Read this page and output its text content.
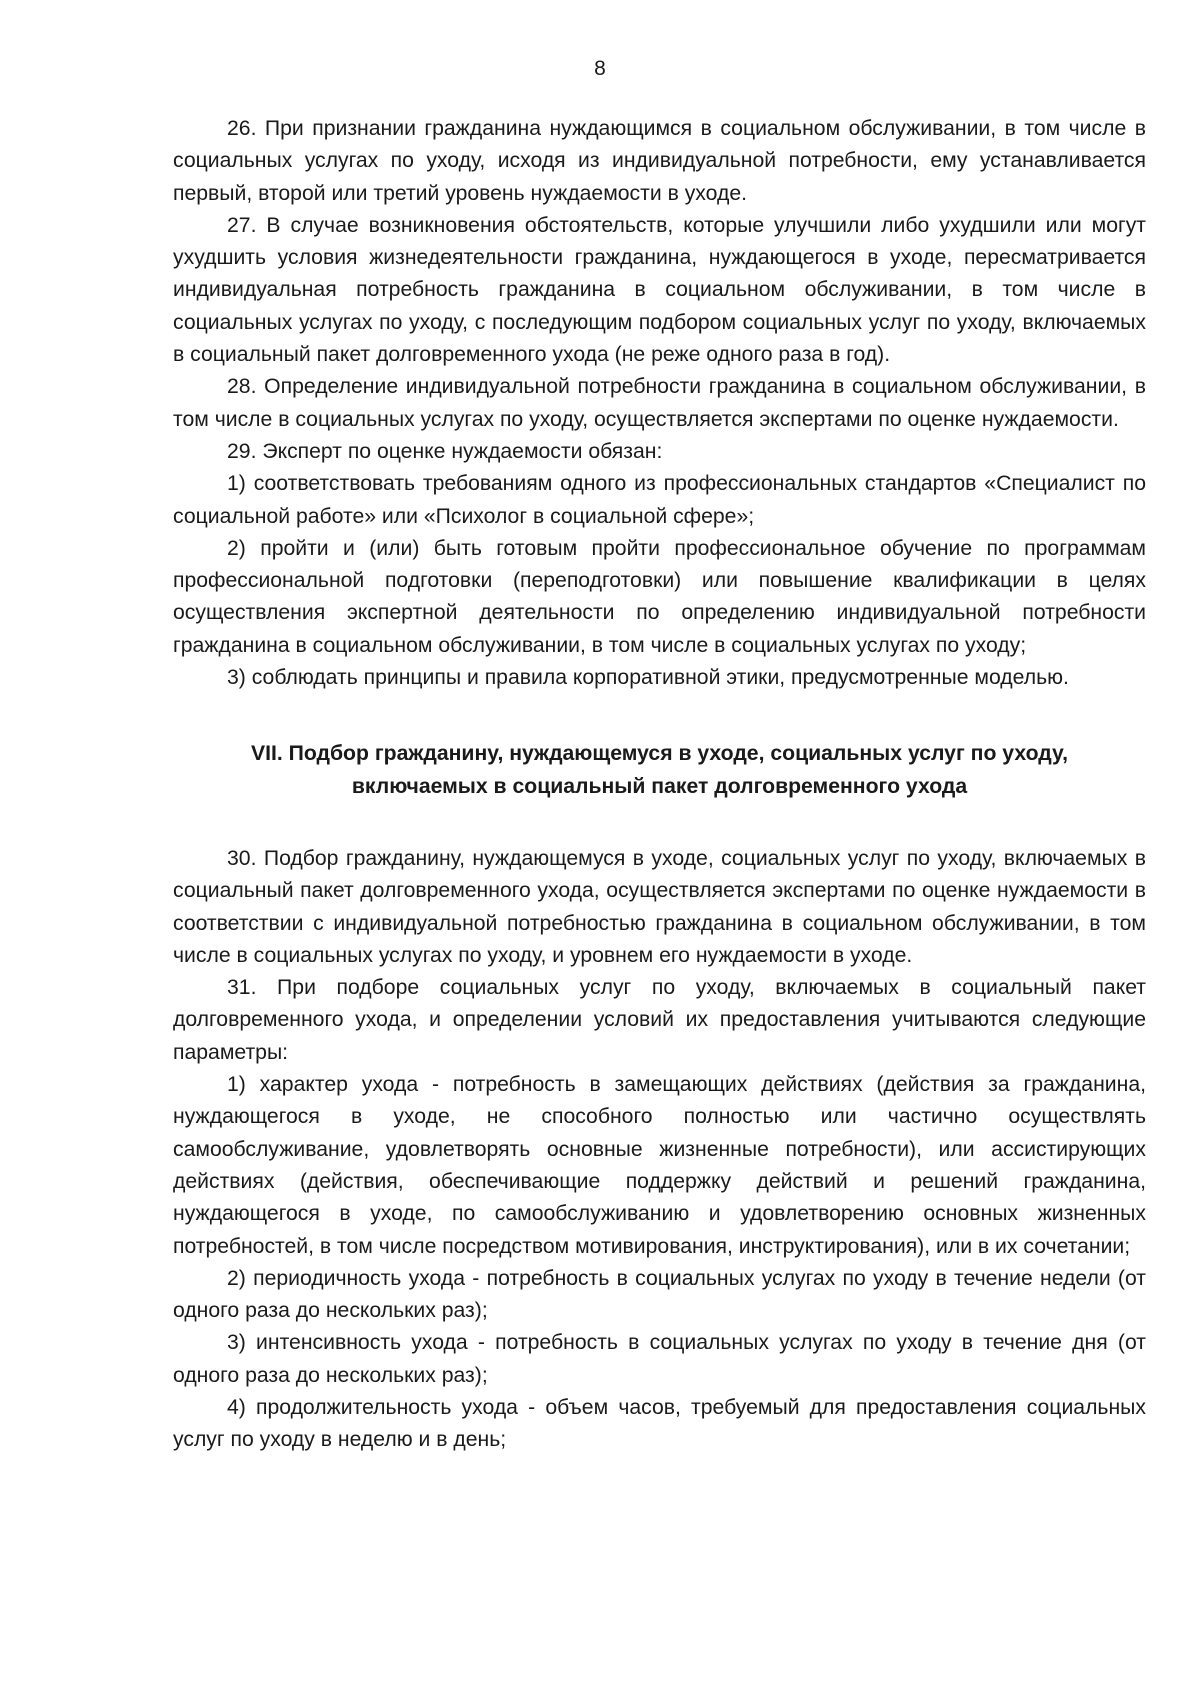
8

26. При признании гражданина нуждающимся в социальном обслуживании, в том числе в социальных услугах по уходу, исходя из индивидуальной потребности, ему устанавливается первый, второй или третий уровень нуждаемости в уходе.

27. В случае возникновения обстоятельств, которые улучшили либо ухудшили или могут ухудшить условия жизнедеятельности гражданина, нуждающегося в уходе, пересматривается индивидуальная потребность гражданина в социальном обслуживании, в том числе в социальных услугах по уходу, с последующим подбором социальных услуг по уходу, включаемых в социальный пакет долговременного ухода (не реже одного раза в год).

28. Определение индивидуальной потребности гражданина в социальном обслуживании, в том числе в социальных услугах по уходу, осуществляется экспертами по оценке нуждаемости.

29. Эксперт по оценке нуждаемости обязан:

1) соответствовать требованиям одного из профессиональных стандартов «Специалист по социальной работе» или «Психолог в социальной сфере»;

2) пройти и (или) быть готовым пройти профессиональное обучение по программам профессиональной подготовки (переподготовки) или повышение квалификации в целях осуществления экспертной деятельности по определению индивидуальной потребности гражданина в социальном обслуживании, в том числе в социальных услугах по уходу;

3) соблюдать принципы и правила корпоративной этики, предусмотренные моделью.

VII. Подбор гражданину, нуждающемуся в уходе, социальных услуг по уходу, включаемых в социальный пакет долговременного ухода

30. Подбор гражданину, нуждающемуся в уходе, социальных услуг по уходу, включаемых в социальный пакет долговременного ухода, осуществляется экспертами по оценке нуждаемости в соответствии с индивидуальной потребностью гражданина в социальном обслуживании, в том числе в социальных услугах по уходу, и уровнем его нуждаемости в уходе.

31. При подборе социальных услуг по уходу, включаемых в социальный пакет долговременного ухода, и определении условий их предоставления учитываются следующие параметры:

1) характер ухода - потребность в замещающих действиях (действия за гражданина, нуждающегося в уходе, не способного полностью или частично осуществлять самообслуживание, удовлетворять основные жизненные потребности), или ассистирующих действиях (действия, обеспечивающие поддержку действий и решений гражданина, нуждающегося в уходе, по самообслуживанию и удовлетворению основных жизненных потребностей, в том числе посредством мотивирования, инструктирования), или в их сочетании;

2) периодичность ухода - потребность в социальных услугах по уходу в течение недели (от одного раза до нескольких раз);

3) интенсивность ухода - потребность в социальных услугах по уходу в течение дня (от одного раза до нескольких раз);

4) продолжительность ухода - объем часов, требуемый для предоставления социальных услуг по уходу в неделю и в день;
